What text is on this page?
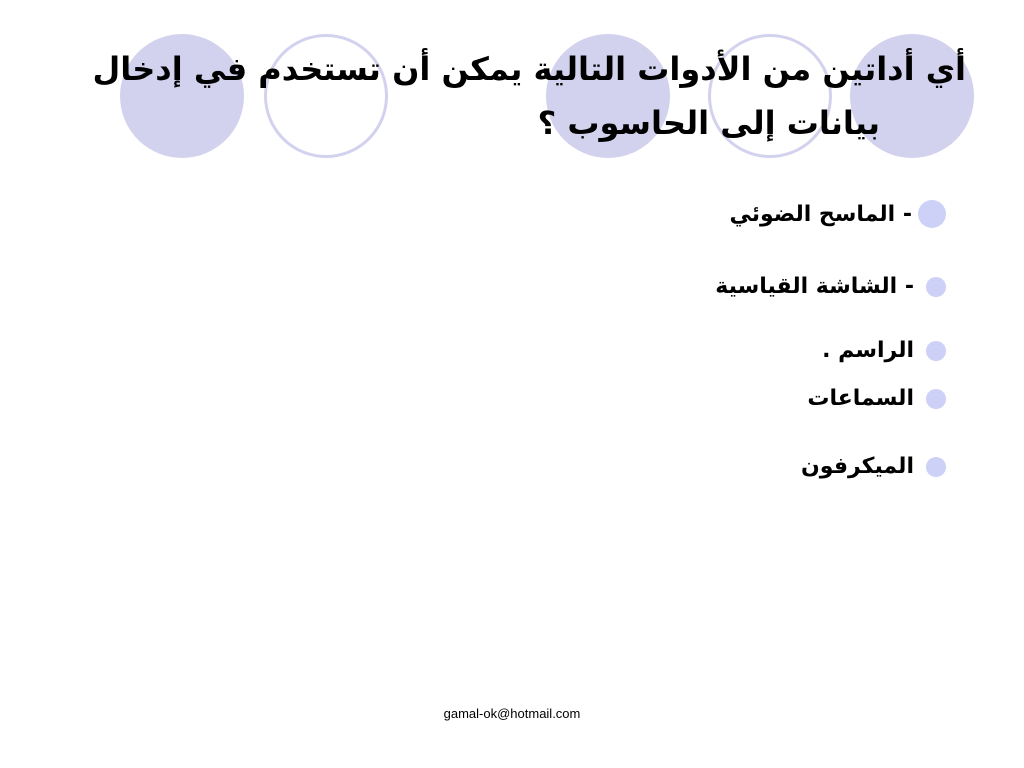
أي أداتين من الأدوات التالية يمكن أن تستخدم في إدخال
بيانات إلى الحاسوب ؟
- الماسح الضوئي
- الشاشة القياسية
الراسم .
السماعات
الميكرفون
gamal-ok@hotmail.com
